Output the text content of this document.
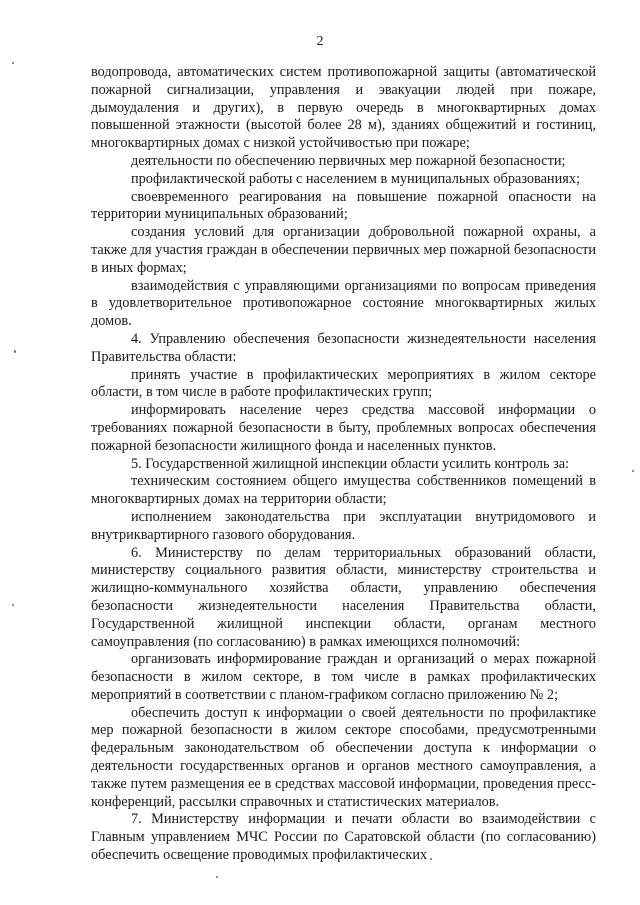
2

водопровода, автоматических систем противопожарной защиты (автоматической пожарной сигнализации, управления и эвакуации людей при пожаре, дымоудаления и других), в первую очередь в многоквартирных домах повышенной этажности (высотой более 28 м), зданиях общежитий и гостиниц, многоквартирных домах с низкой устойчивостью при пожаре;

деятельности по обеспечению первичных мер пожарной безопасности;

профилактической работы с населением в муниципальных образованиях;

своевременного реагирования на повышение пожарной опасности на территории муниципальных образований;

создания условий для организации добровольной пожарной охраны, а также для участия граждан в обеспечении первичных мер пожарной безопасности в иных формах;

взаимодействия с управляющими организациями по вопросам приведения в удовлетворительное противопожарное состояние многоквартирных жилых домов.

4. Управлению обеспечения безопасности жизнедеятельности населения Правительства области:

принять участие в профилактических мероприятиях в жилом секторе области, в том числе в работе профилактических групп;

информировать население через средства массовой информации о требованиях пожарной безопасности в быту, проблемных вопросах обеспечения пожарной безопасности жилищного фонда и населенных пунктов.

5. Государственной жилищной инспекции области усилить контроль за:

техническим состоянием общего имущества собственников помещений в многоквартирных домах на территории области;

исполнением законодательства при эксплуатации внутридомового и внутриквартирного газового оборудования.

6. Министерству по делам территориальных образований области, министерству социального развития области, министерству строительства и жилищно-коммунального хозяйства области, управлению обеспечения безопасности жизнедеятельности населения Правительства области, Государственной жилищной инспекции области, органам местного самоуправления (по согласованию) в рамках имеющихся полномочий:

организовать информирование граждан и организаций о мерах пожарной безопасности в жилом секторе, в том числе в рамках профилактических мероприятий в соответствии с планом-графиком согласно приложению № 2;

обеспечить доступ к информации о своей деятельности по профилактике мер пожарной безопасности в жилом секторе способами, предусмотренными федеральным законодательством об обеспечении доступа к информации о деятельности государственных органов и органов местного самоуправления, а также путем размещения ее в средствах массовой информации, проведения пресс-конференций, рассылки справочных и статистических материалов.

7. Министерству информации и печати области во взаимодействии с Главным управлением МЧС России по Саратовской области (по согласованию) обеспечить освещение проводимых профилактических
